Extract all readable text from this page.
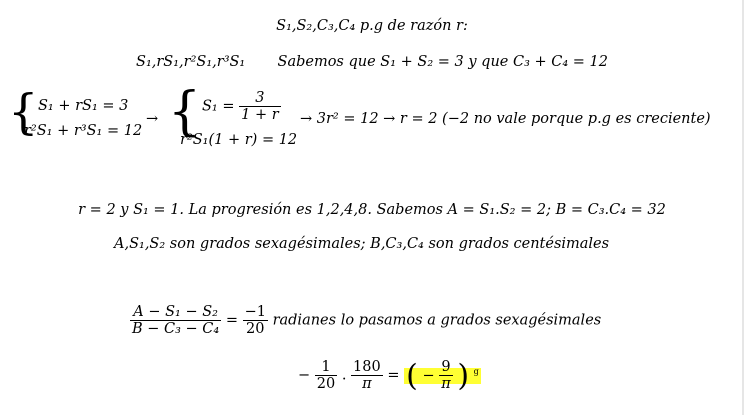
S₁,S₂,C₃,C₄ p.g de razón r:
S₁,rS₁,r²S₁,r³S₁ Sabemos que S₁ + S₂ = 3 y que C₃ + C₄ = 12
{ S₁ + rS₁ = 3
r²S₁ + r³S₁ = 12
→ { $S_1 = \frac{3}{1 + r}$
r²S₁(1 + r) = 12
→ 3r² = 12 → r = 2 (−2 no vale porque p.g es creciente)
r = 2 y S₁ = 1. La progresión es 1,2,4,8. Sabemos A = S₁.S₂ = 2; B = C₃.C₄ = 32
A,S₁,S₂ son grados sexagésimales; B,C₃,C₄ son grados centésimales
$\frac{\text{A − S₁ − S₂}}{\text{B − C₃ − C₄}} = \frac{-1}{20}$ radianes lo pasamos a grados sexagésimales
− $\frac{1}{20}$ . $\frac{180}{\pi}$ = ( − $\frac{9}{\pi}$ ) $^g$
